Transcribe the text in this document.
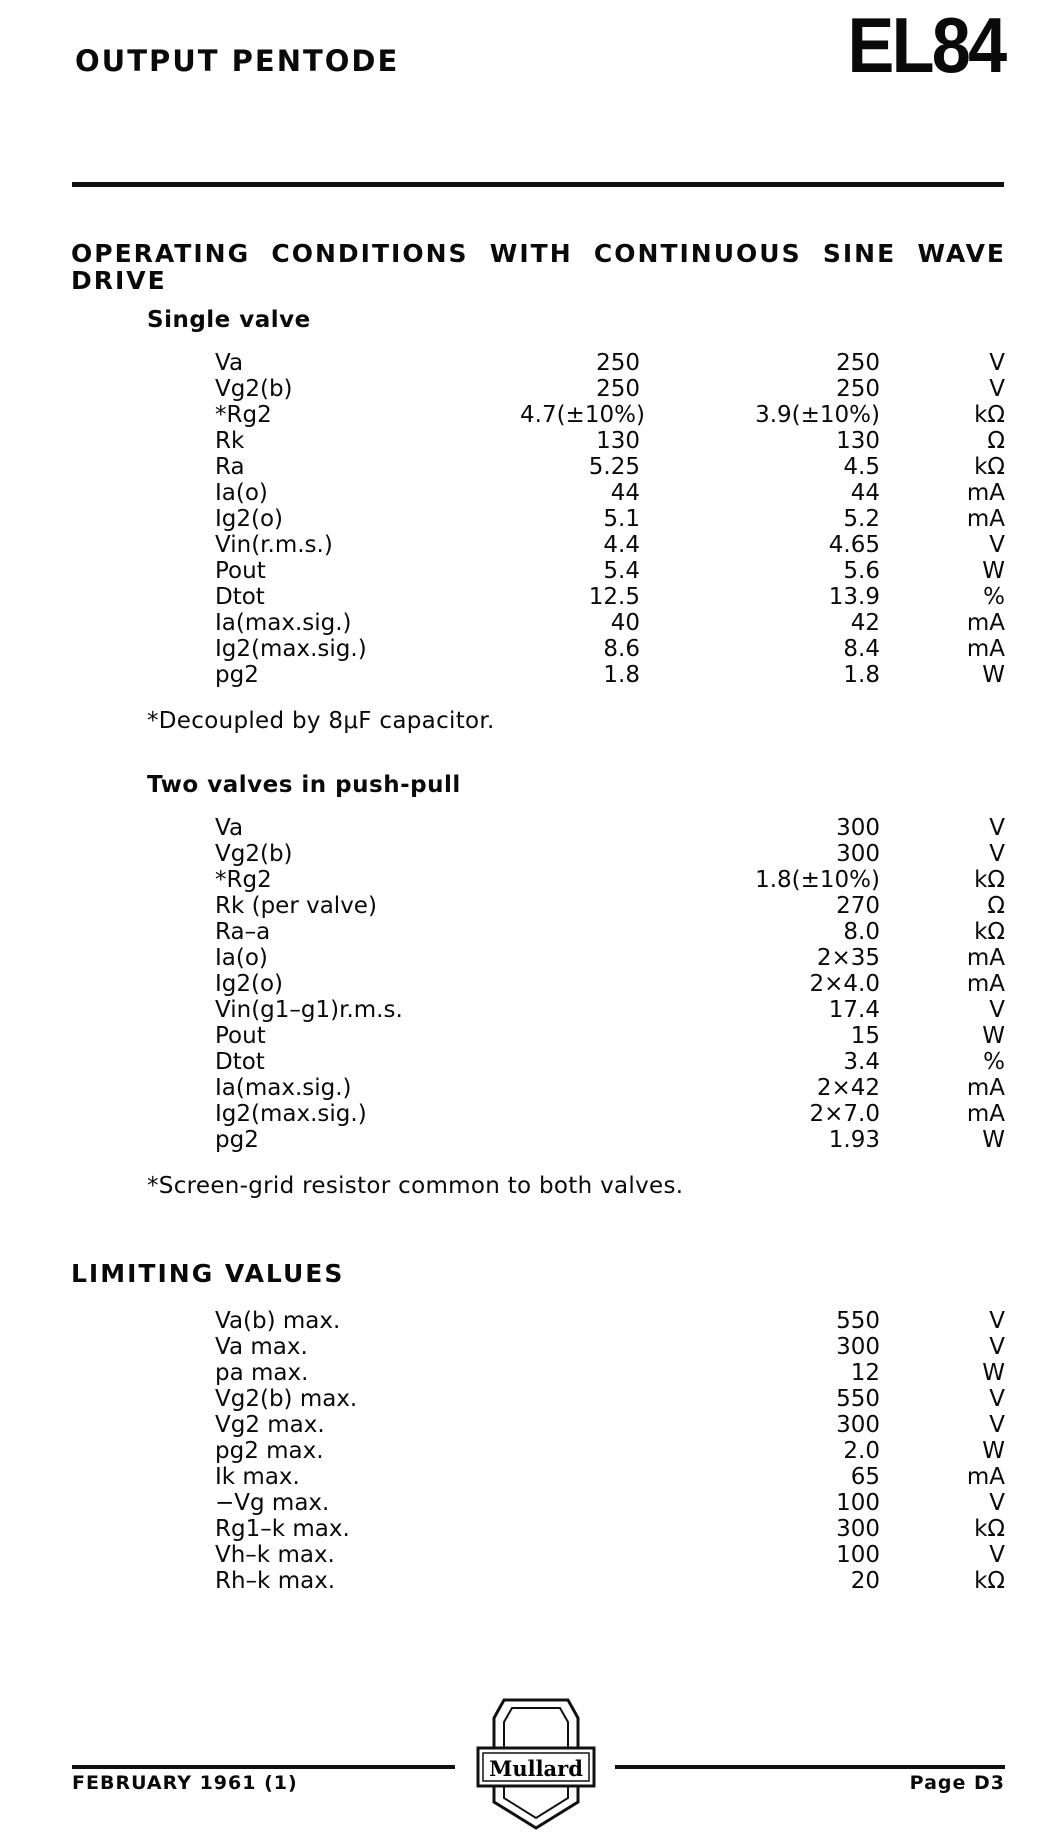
OUTPUT PENTODE	EL84
OPERATING CONDITIONS WITH CONTINUOUS SINE WAVE DRIVE
Single valve
Va	250	250	V
Vg2(b)	250	250	V
*Rg2	4.7(±10%)	3.9(±10%)	kΩ
Rk	130	130	Ω
Ra	5.25	4.5	kΩ
Ia(o)	44	44	mA
Ig2(o)	5.1	5.2	mA
Vin(r.m.s.)	4.4	4.65	V
Pout	5.4	5.6	W
Dtot	12.5	13.9	%
Ia(max.sig.)	40	42	mA
Ig2(max.sig.)	8.6	8.4	mA
pg2	1.8	1.8	W
*Decoupled by 8μF capacitor.
Two valves in push-pull
Va	300	V
Vg2(b)	300	V
*Rg2	1.8(±10%)	kΩ
Rk (per valve)	270	Ω
Ra–a	8.0	kΩ
Ia(o)	2×35	mA
Ig2(o)	2×4.0	mA
Vin(g1–g1)r.m.s.	17.4	V
Pout	15	W
Dtot	3.4	%
Ia(max.sig.)	2×42	mA
Ig2(max.sig.)	2×7.0	mA
pg2	1.93	W
*Screen-grid resistor common to both valves.
LIMITING VALUES
Va(b) max.	550	V
Va max.	300	V
pa max.	12	W
Vg2(b) max.	550	V
Vg2 max.	300	V
pg2 max.	2.0	W
Ik max.	65	mA
−Vg max.	100	V
Rg1–k max.	300	kΩ
Vh–k max.	100	V
Rh–k max.	20	kΩ
FEBRUARY 1961 (1)	Page D3
Mullard
